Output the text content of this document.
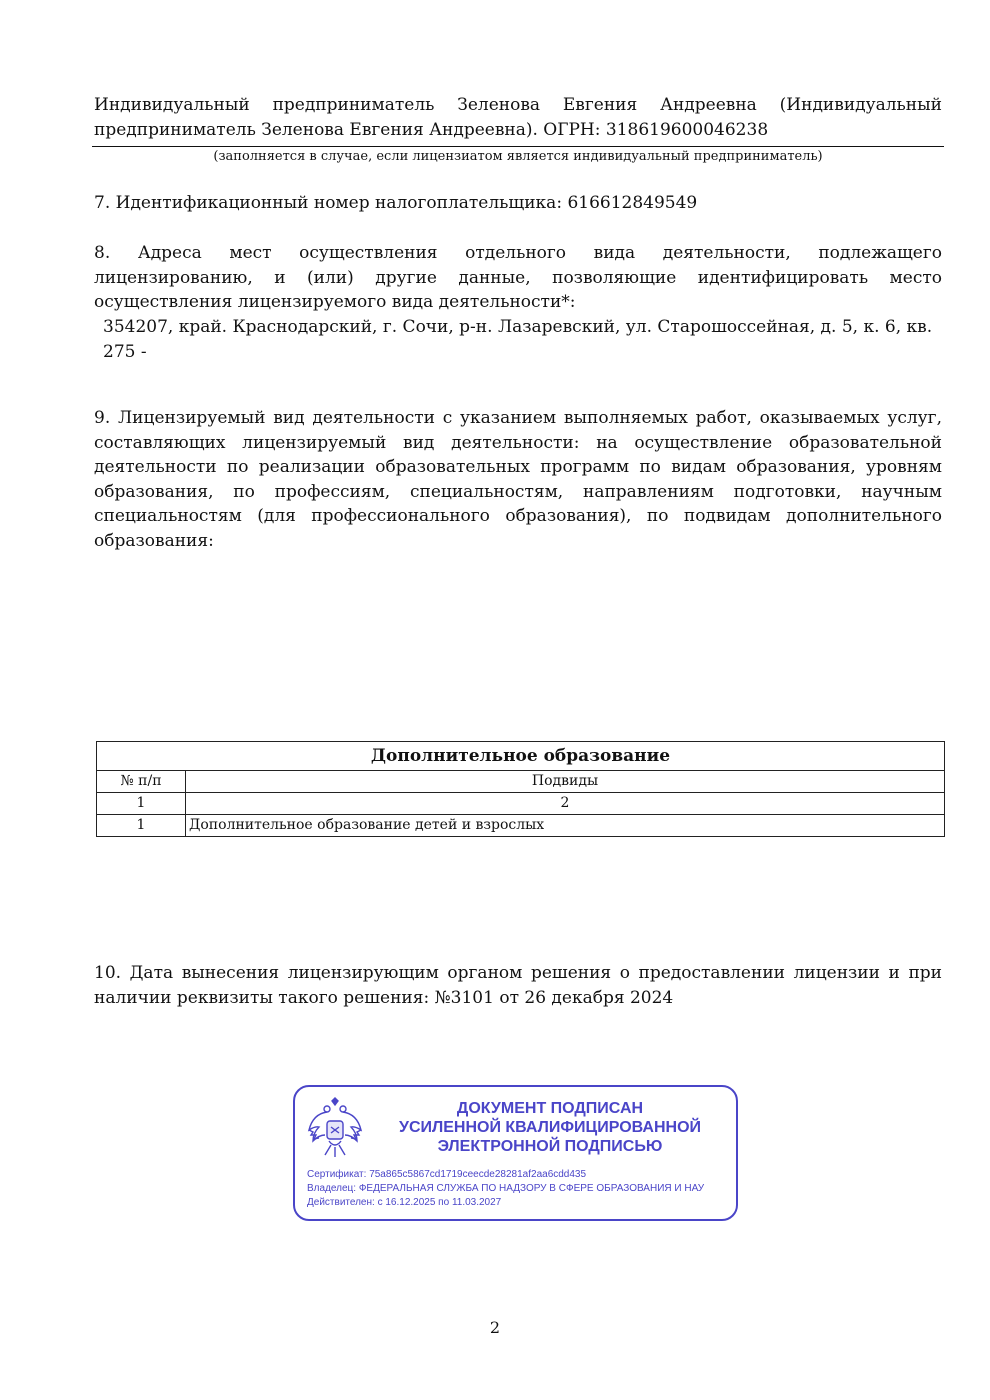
Индивидуальный предприниматель Зеленова Евгения Андреевна (Индивидуальный предприниматель Зеленова Евгения Андреевна). ОГРН: 318619600046238
(заполняется в случае, если лицензиатом является индивидуальный предприниматель)
7. Идентификационный номер налогоплательщика: 616612849549
8. Адреса мест осуществления отдельного вида деятельности, подлежащего лицензированию, и (или) другие данные, позволяющие идентифицировать место осуществления лицензируемого вида деятельности*:
354207, край. Краснодарский, г. Сочи, р-н. Лазаревский, ул. Старошоссейная, д. 5, к. 6, кв. 275 -
9. Лицензируемый вид деятельности с указанием выполняемых работ, оказываемых услуг, составляющих лицензируемый вид деятельности: на осуществление образовательной деятельности по реализации образовательных программ по видам образования, уровням образования, по профессиям, специальностям, направлениям подготовки, научным специальностям (для профессионального образования), по подвидам дополнительного образования:
Дополнительное образование	
№ п/п	Подвиды
1	2
1	Дополнительное образование детей и взрослых
10. Дата вынесения лицензирующим органом решения о предоставлении лицензии и при наличии реквизиты такого решения: №3101 от 26 декабря 2024
ДОКУМЕНТ ПОДПИСАН
УСИЛЕННОЙ КВАЛИФИЦИРОВАННОЙ
ЭЛЕКТРОННОЙ ПОДПИСЬЮ
Сертификат: 75a865c5867cd1719ceecde28281af2aa6cdd435
Владелец: ФЕДЕРАЛЬНАЯ СЛУЖБА ПО НАДЗОРУ В СФЕРЕ ОБРАЗОВАНИЯ И НАУ
Действителен: с 16.12.2025 по 11.03.2027
2
